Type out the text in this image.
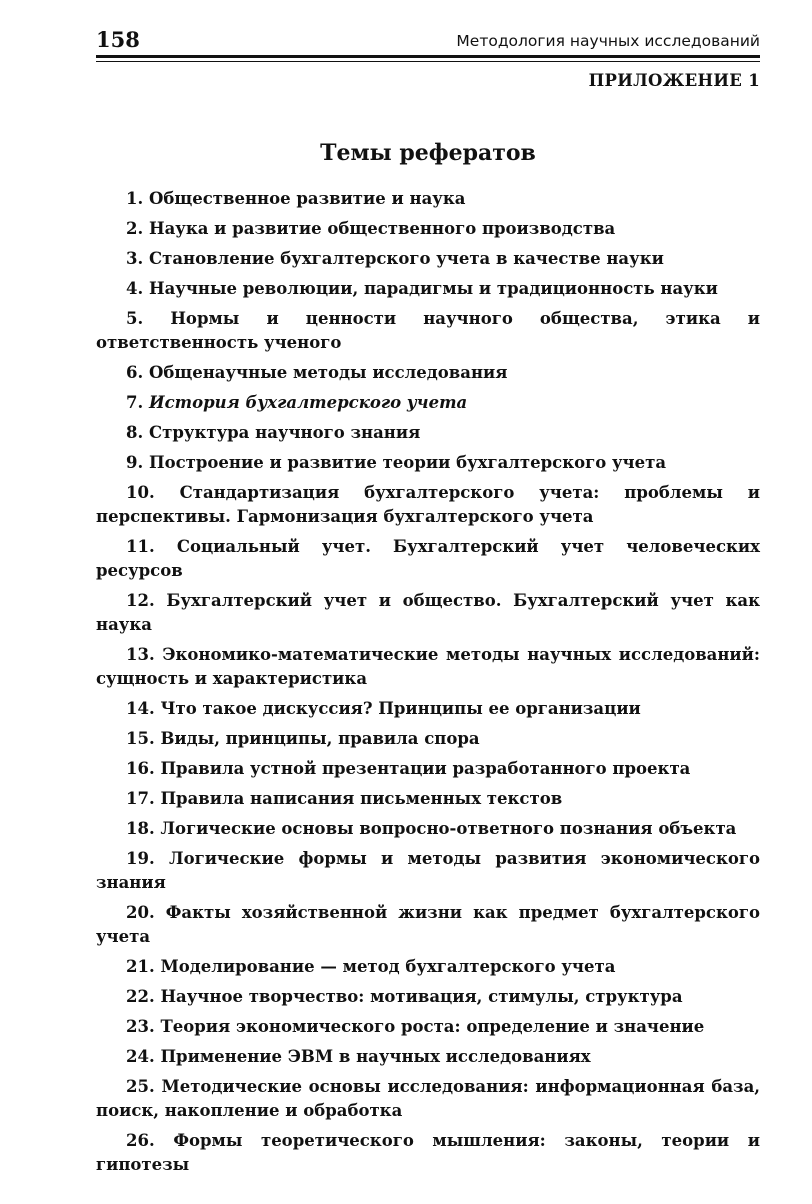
158	Методология научных исследований
ПРИЛОЖЕНИЕ 1
Темы рефератов
1. Общественное развитие и наука
2. Наука и развитие общественного производства
3. Становление бухгалтерского учета в качестве науки
4. Научные революции, парадигмы и традиционность науки
5. Нормы и ценности научного общества, этика и ответственность ученого
6. Общенаучные методы исследования
7. История бухгалтерского учета
8. Структура научного знания
9. Построение и развитие теории бухгалтерского учета
10. Стандартизация бухгалтерского учета: проблемы и перспективы. Гармонизация бухгалтерского учета
11. Социальный учет. Бухгалтерский учет человеческих ресурсов
12. Бухгалтерский учет и общество. Бухгалтерский учет как наука
13. Экономико-математические методы научных исследований: сущность и характеристика
14. Что такое дискуссия? Принципы ее организации
15. Виды, принципы, правила спора
16. Правила устной презентации разработанного проекта
17. Правила написания письменных текстов
18. Логические основы вопросно-ответного познания объекта
19. Логические формы и методы развития экономического знания
20. Факты хозяйственной жизни как предмет бухгалтерского учета
21. Моделирование — метод бухгалтерского учета
22. Научное творчество: мотивация, стимулы, структура
23. Теория экономического роста: определение и значение
24. Применение ЭВМ в научных исследованиях
25. Методические основы исследования: информационная база, поиск, накопление и обработка
26. Формы теоретического мышления: законы, теории и гипотезы
